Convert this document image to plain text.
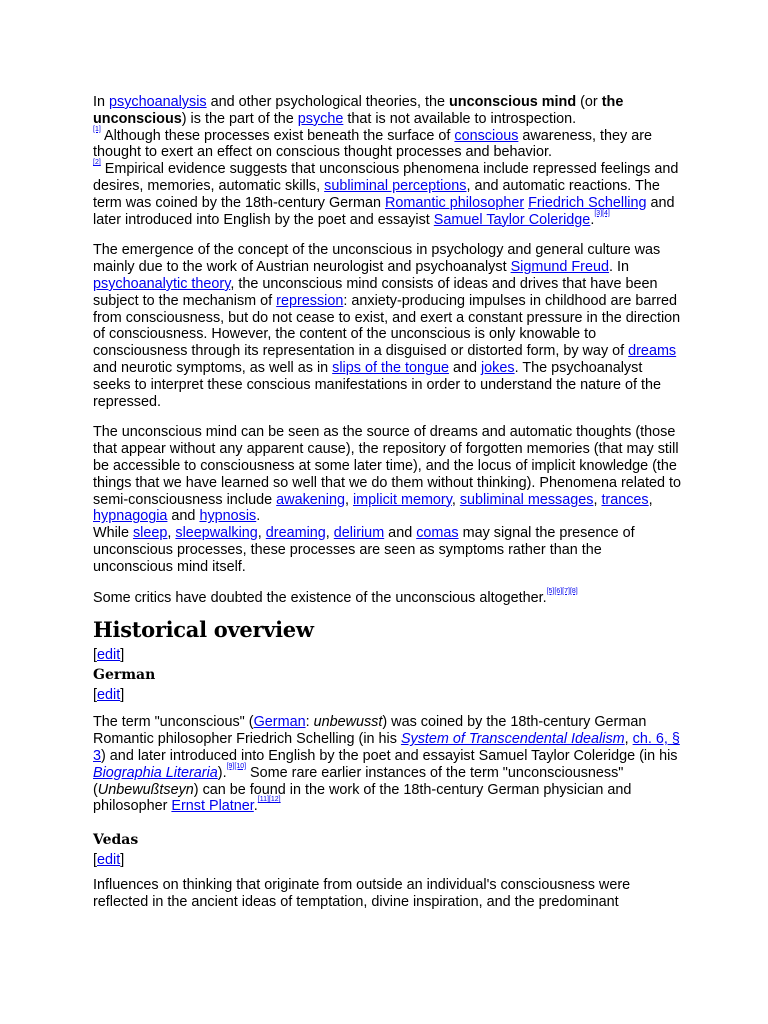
In psychoanalysis and other psychological theories, the unconscious mind (or the unconscious) is the part of the psyche that is not available to introspection.
[1] Although these processes exist beneath the surface of conscious awareness, they are thought to exert an effect on conscious thought processes and behavior.
[2] Empirical evidence suggests that unconscious phenomena include repressed feelings and desires, memories, automatic skills, subliminal perceptions, and automatic reactions. The term was coined by the 18th-century German Romantic philosopher Friedrich Schelling and later introduced into English by the poet and essayist Samuel Taylor Coleridge.[3][4]

The emergence of the concept of the unconscious in psychology and general culture was mainly due to the work of Austrian neurologist and psychoanalyst Sigmund Freud. In psychoanalytic theory, the unconscious mind consists of ideas and drives that have been subject to the mechanism of repression: anxiety-producing impulses in childhood are barred from consciousness, but do not cease to exist, and exert a constant pressure in the direction of consciousness. However, the content of the unconscious is only knowable to consciousness through its representation in a disguised or distorted form, by way of dreams and neurotic symptoms, as well as in slips of the tongue and jokes. The psychoanalyst seeks to interpret these conscious manifestations in order to understand the nature of the repressed.

The unconscious mind can be seen as the source of dreams and automatic thoughts (those that appear without any apparent cause), the repository of forgotten memories (that may still be accessible to consciousness at some later time), and the locus of implicit knowledge (the things that we have learned so well that we do them without thinking). Phenomena related to semi-consciousness include awakening, implicit memory, subliminal messages, trances, hypnagogia and hypnosis.
While sleep, sleepwalking, dreaming, delirium and comas may signal the presence of unconscious processes, these processes are seen as symptoms rather than the unconscious mind itself.

Some critics have doubted the existence of the unconscious altogether.[5][6][7][8]

Historical overview
[edit]
German
[edit]

The term "unconscious" (German: unbewusst) was coined by the 18th-century German Romantic philosopher Friedrich Schelling (in his System of Transcendental Idealism, ch. 6, § 3) and later introduced into English by the poet and essayist Samuel Taylor Coleridge (in his Biographia Literaria).[9][10] Some rare earlier instances of the term "unconsciousness" (Unbewußtseyn) can be found in the work of the 18th-century German physician and philosopher Ernst Platner.[11][12]

Vedas
[edit]

Influences on thinking that originate from outside an individual's consciousness were reflected in the ancient ideas of temptation, divine inspiration, and the predominant
